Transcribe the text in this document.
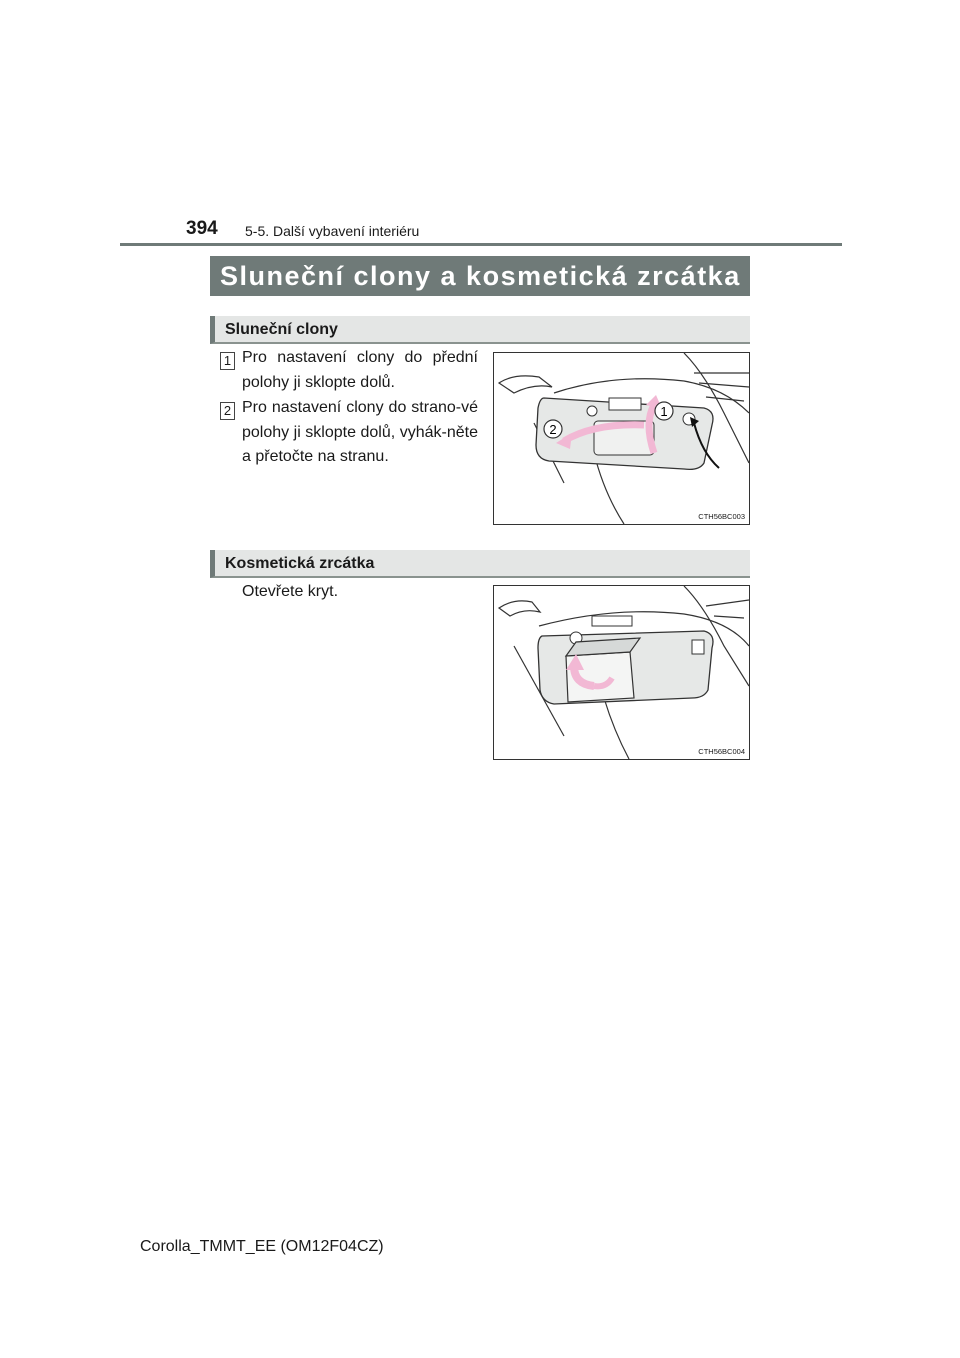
394 5-5. Další vybavení interiéru
Sluneční clony a kosmetická zrcátka
Sluneční clony
1 Pro nastavení clony do přední polohy ji sklopte dolů.
2 Pro nastavení clony do strano-vé polohy ji sklopte dolů, vyhák-něte a přetočte na stranu.
2
1
CTH56BC003
Kosmetická zrcátka
Otevřete kryt.
CTH56BC004
Corolla_TMMT_EE (OM12F04CZ)
